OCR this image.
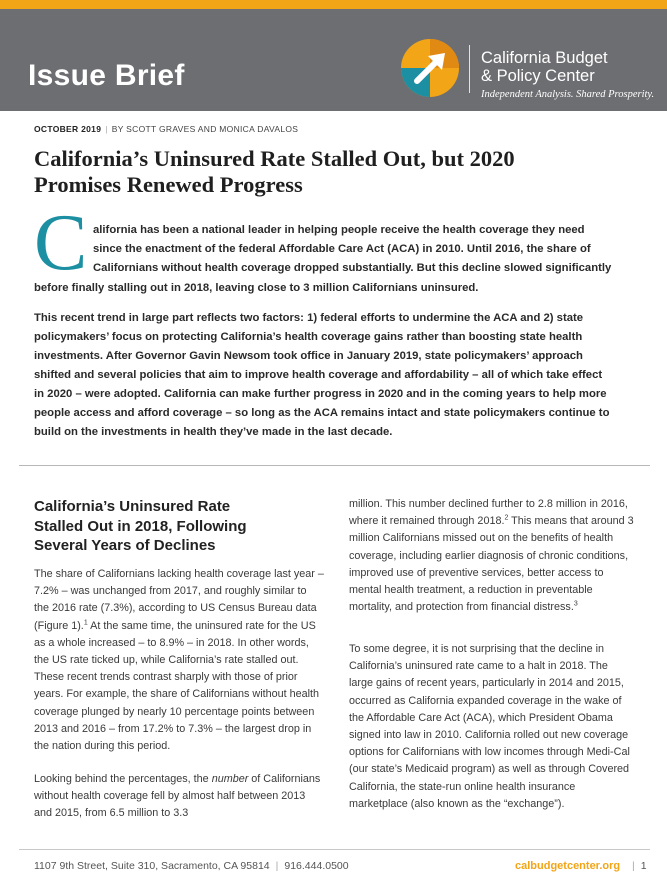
Issue Brief
California Budget
& Policy Center
Independent Analysis. Shared Prosperity.
OCTOBER 2019 | BY SCOTT GRAVES AND MONICA DAVALOS
California’s Uninsured Rate Stalled Out, but 2020
Promises Renewed Progress
C alifornia has been a national leader in helping people receive the health coverage they need
since the enactment of the federal Affordable Care Act (ACA) in 2010. Until 2016, the share of
Californians without health coverage dropped substantially. But this decline slowed significantly
before finally stalling out in 2018, leaving close to 3 million Californians uninsured.
This recent trend in large part reflects two factors: 1) federal efforts to undermine the ACA and 2) state
policymakers’ focus on protecting California’s health coverage gains rather than boosting state health
investments. After Governor Gavin Newsom took office in January 2019, state policymakers’ approach
shifted and several policies that aim to improve health coverage and affordability – all of which take effect
in 2020 – were adopted. California can make further progress in 2020 and in the coming years to help more
people access and afford coverage – so long as the ACA remains intact and state policymakers continue to
build on the investments in health they’ve made in the last decade.
California’s Uninsured Rate
Stalled Out in 2018, Following
Several Years of Declines

The share of Californians lacking health coverage last year – 7.2% – was unchanged from 2017, and roughly similar to the 2016 rate (7.3%), according to US Census Bureau data (Figure 1).$^1$ At the same time, the uninsured rate for the US as a whole increased – to 8.9% – in 2018. In other words, the US rate ticked up, while California’s rate stalled out. These recent trends contrast sharply with those of prior years. For example, the share of Californians without health coverage plunged by nearly 10 percentage points between 2013 and 2016 – from 17.2% to 7.3% – the largest drop in the nation during this period.

Looking behind the percentages, the number of Californians without health coverage fell by almost half between 2013 and 2015, from 6.5 million to 3.3

million. This number declined further to 2.8 million in 2016, where it remained through 2018.$^2$ This means that around 3 million Californians missed out on the benefits of health coverage, including earlier diagnosis of chronic conditions, improved use of preventive services, better access to mental health treatment, a reduction in preventable mortality, and protection from financial distress.$^3$

To some degree, it is not surprising that the decline in California’s uninsured rate came to a halt in 2018. The large gains of recent years, particularly in 2014 and 2015, occurred as California expanded coverage in the wake of the Affordable Care Act (ACA), which President Obama signed into law in 2010. California rolled out new coverage options for Californians with low incomes through Medi-Cal (our state’s Medicaid program) as well as through Covered California, the state-run online health insurance marketplace (also known as the “exchange”).

1107 9th Street, Suite 310, Sacramento, CA 95814 | 916.444.0500	calbudgetcenter.org | 1
